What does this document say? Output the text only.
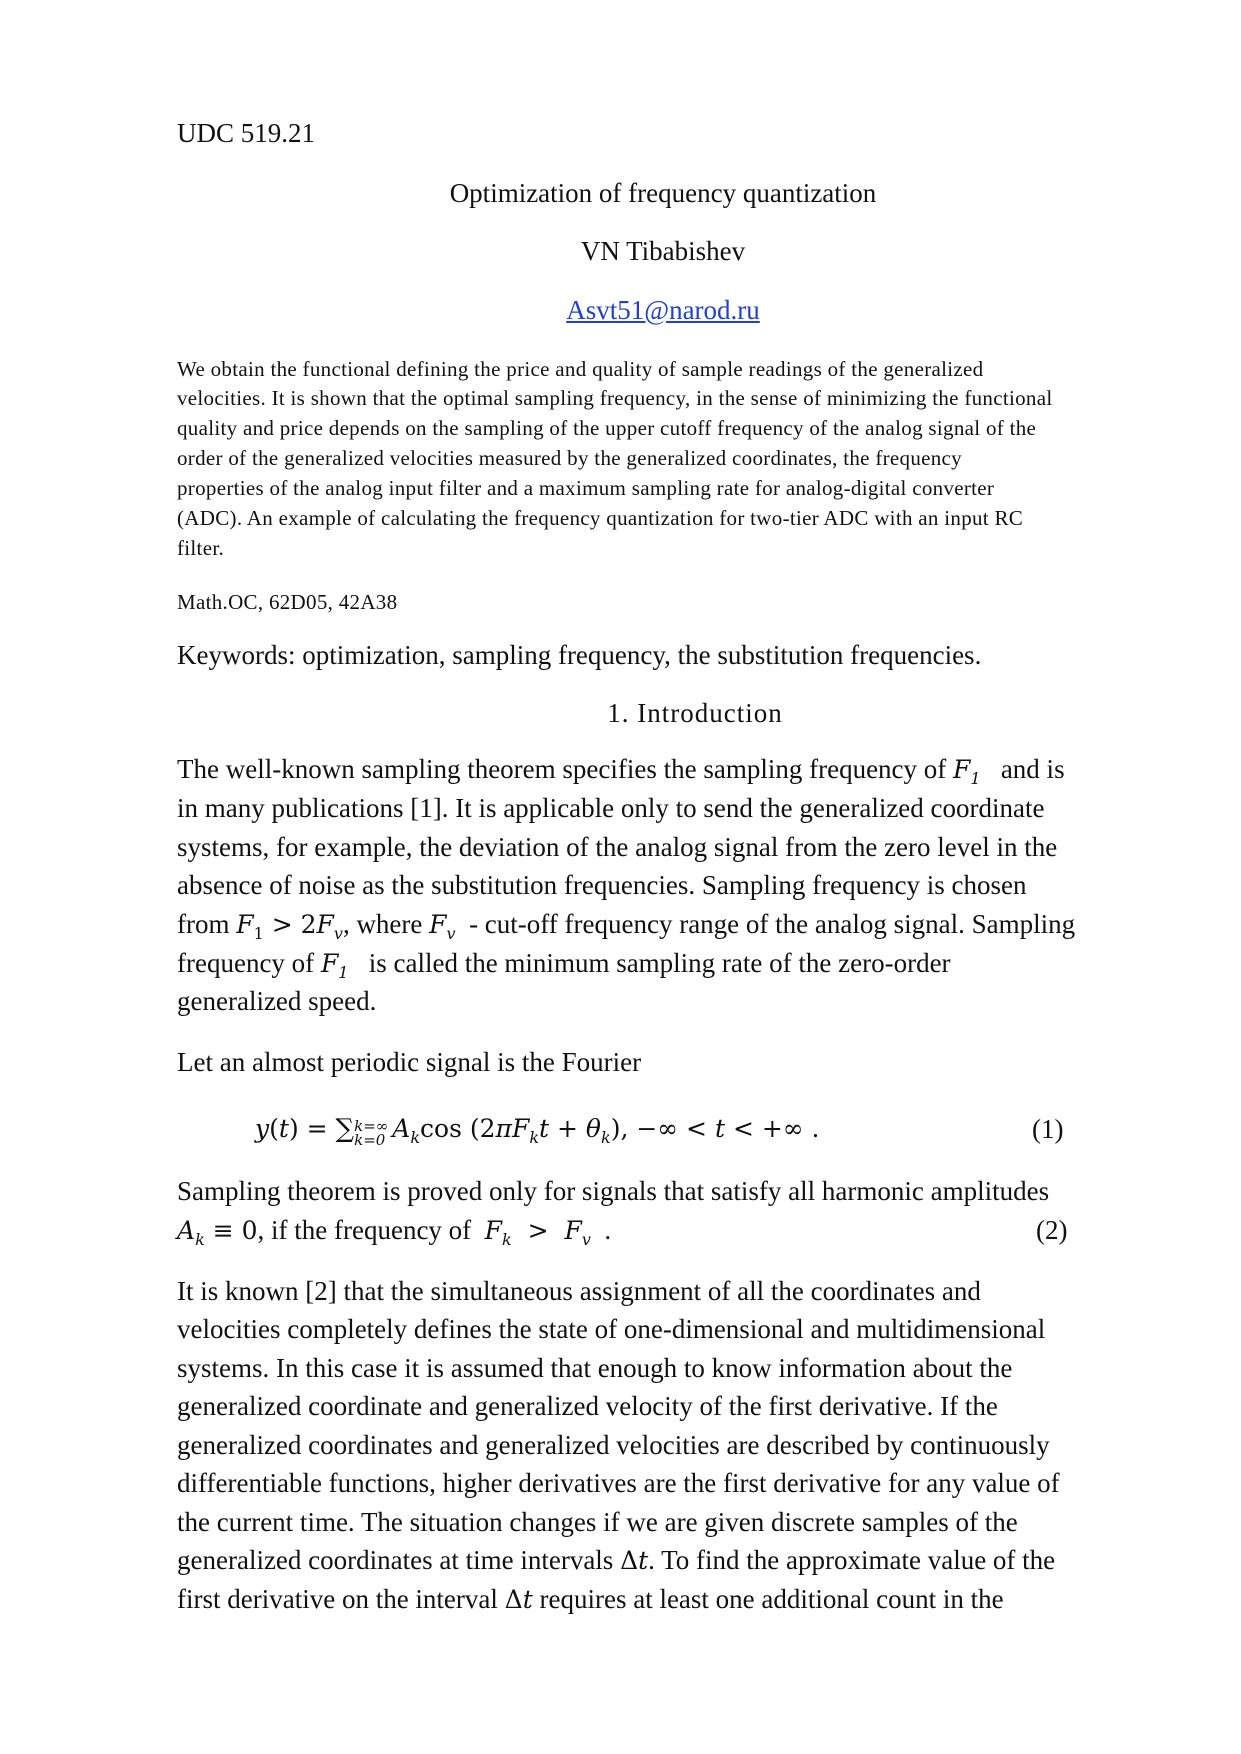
UDC 519.21
Optimization of frequency quantization
VN Tibabishev
Asvt51@narod.ru
We obtain the functional defining the price and quality of sample readings of the generalized
velocities. It is shown that the optimal sampling frequency, in the sense of minimizing the functional
quality and price depends on the sampling of the upper cutoff frequency of the analog signal of the
order of the generalized velocities measured by the generalized coordinates, the frequency
properties of the analog input filter and a maximum sampling rate for analog-digital converter
(ADC). An example of calculating the frequency quantization for two-tier ADC with an input RC
filter.
Math.OC, 62D05, 42A38
Keywords: optimization, sampling frequency, the substitution frequencies.
1. Introduction
The well-known sampling theorem specifies the sampling frequency of $F_1$ and is
in many publications [1]. It is applicable only to send the generalized coordinate
systems, for example, the deviation of the analog signal from the zero level in the
absence of noise as the substitution frequencies. Sampling frequency is chosen
from $F_1 > 2F_v$, where $F_v - cut-off$ frequency range of the analog signal. Sampling
frequency of $F_1$ is called the minimum sampling rate of the zero-order
generalized speed.
Let an almost periodic signal is the Fourier
y(t) = ∑k=∞
k=0 $A_k\cos$ $(2\pi F_kt + \theta_k)$, −∞ < t < +∞ .	(1)
Sampling theorem is proved only for signals that satisfy all harmonic amplitudes
$A_k \equiv 0$, if the frequency of $F_k > F_v$  .	(2)
It is known [2] that the simultaneous assignment of all the coordinates and
velocities completely defines the state of one-dimensional and multidimensional
systems. In this case it is assumed that enough to know information about the
generalized coordinate and generalized velocity of the first derivative. If the
generalized coordinates and generalized velocities are described by continuously
differentiable functions, higher derivatives are the first derivative for any value of
the current time. The situation changes if we are given discrete samples of the
generalized coordinates at time intervals Δt. To find the approximate value of the
first derivative on the interval Δt requires at least one additional count in the
